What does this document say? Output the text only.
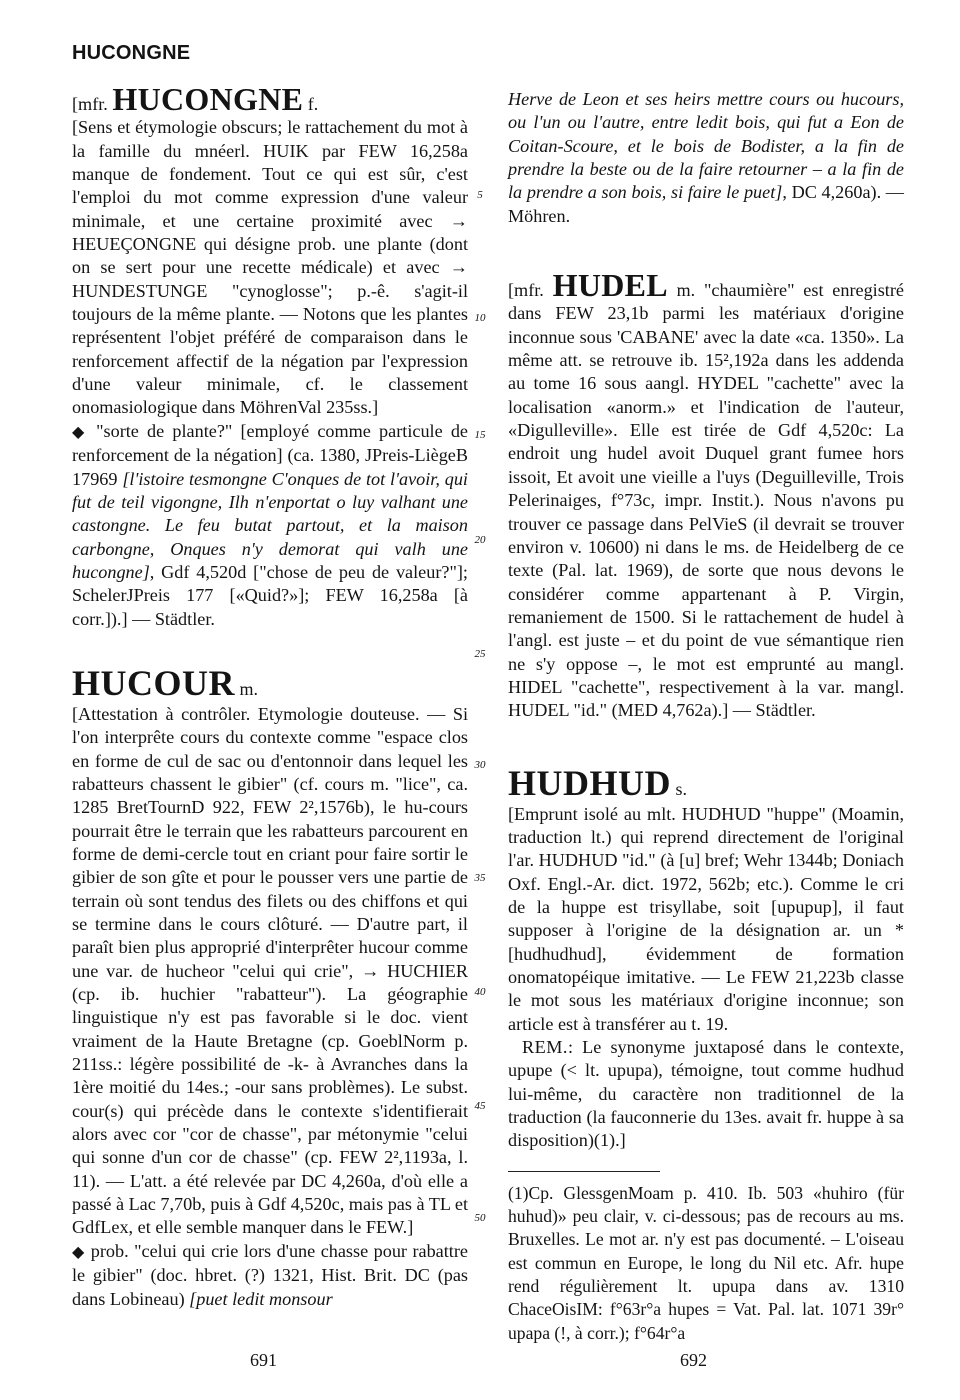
HUCONGNE

[mfr. HUCONGNE f.

[Sens et étymologie obscurs; le rattachement du mot à la famille du mnéerl. HUIK par FEW 16,258a manque de fondement. Tout ce qui est sûr, c'est l'emploi du mot comme expression d'une valeur minimale, et une certaine proximité avec → HEUEÇONGNE qui désigne prob. une plante (dont on se sert pour une recette médicale) et avec → HUNDESTUNGE "cynoglosse"; p.-ê. s'agit-il toujours de la même plante. — Notons que les plantes représentent l'objet préféré de comparaison dans le renforcement affectif de la négation par l'expression d'une valeur minimale, cf. le classement onomasiologique dans MöhrenVal 235ss.]

◆ "sorte de plante?" [employé comme particule de renforcement de la négation] (ca. 1380, JPreis-LiègeB 17969 [l'istoire tesmongne C'onques de tot l'avoir, qui fut de teil vigongne, Ilh n'enportat o luy valhant une castongne. Le feu butat partout, et la maison carbongne, Onques n'y demorat qui valh une hucongne], Gdf 4,520d ["chose de peu de valeur?"]; SchelerJPreis 177 [«Quid?»]; FEW 16,258a [à corr.]).] — Städtler.

HUCOUR m.

[Attestation à contrôler. Etymologie douteuse. — Si l'on interprête cours du contexte comme "espace clos en forme de cul de sac ou d'entonnoir dans lequel les rabatteurs chassent le gibier" (cf. cours m. "lice", ca. 1285 BretTournD 922, FEW 2²,1576b), le hu-cours pourrait être le terrain que les rabatteurs parcourent en forme de demi-cercle tout en criant pour faire sortir le gibier de son gîte et pour le pousser vers une partie de terrain où sont tendus des filets ou des chiffons et qui se termine dans le cours clôturé. — D'autre part, il paraît bien plus approprié d'interprêter hucour comme une var. de hucheor "celui qui crie", → HUCHIER (cp. ib. huchier "rabatteur"). La géographie linguistique n'y est pas favorable si le doc. vient vraiment de la Haute Bretagne (cp. GoeblNorm p. 211ss.: légère possibilité de -k- à Avranches dans la 1ère moitié du 14es.; -our sans problèmes). Le subst. cour(s) qui précède dans le contexte s'identifierait alors avec cor "cor de chasse", par métonymie "celui qui sonne d'un cor de chasse" (cp. FEW 2²,1193a, l. 11). — L'att. a été relevée par DC 4,260a, d'où elle a passé à Lac 7,70b, puis à Gdf 4,520c, mais pas à TL et GdfLex, et elle semble manquer dans le FEW.]

◆ prob. "celui qui crie lors d'une chasse pour rabattre le gibier" (doc. hbret. (?) 1321, Hist. Brit. DC (pas dans Lobineau) [puet ledit monsour

5
10
15
20
25
30
35
40
45
50

Herve de Leon et ses heirs mettre cours ou hucours, ou l'un ou l'autre, entre ledit bois, qui fut a Eon de Coitan-Scoure, et le bois de Bodister, a la fin de prendre la beste ou de la faire retourner – a la fin de la prendre a son bois, si faire le puet], DC 4,260a). — Möhren.

[mfr. HUDEL m. "chaumière" est enregistré dans FEW 23,1b parmi les matériaux d'origine inconnue sous 'CABANE' avec la date «ca. 1350». La même att. se retrouve ib. 15²,192a dans les addenda au tome 16 sous aangl. HYDEL "cachette" avec la localisation «anorm.» et l'indication de l'auteur, «Digulleville». Elle est tirée de Gdf 4,520c: La endroit ung hudel avoit Duquel grant fumee hors issoit, Et avoit une vieille a l'uys (Deguilleville, Trois Pelerinaiges, f°73c, impr. Instit.). Nous n'avons pu trouver ce passage dans PelVieS (il devrait se trouver environ v. 10600) ni dans le ms. de Heidelberg de ce texte (Pal. lat. 1969), de sorte que nous devons le considérer comme appartenant à P. Virgin, remaniement de 1500. Si le rattachement de hudel à l'angl. est juste – et du point de vue sémantique rien ne s'y oppose –, le mot est emprunté au mangl. HIDEL "cachette", respectivement à la var. mangl. HUDEL "id." (MED 4,762a).] — Städtler.

HUDHUD s.

[Emprunt isolé au mlt. HUDHUD "huppe" (Moamin, traduction lt.) qui reprend directement de l'original l'ar. HUDHUD "id." (à [u] bref; Wehr 1344b; Doniach Oxf. Engl.-Ar. dict. 1972, 562b; etc.). Comme le cri de la huppe est trisyllabe, soit [upupup], il faut supposer à l'origine de la désignation ar. un *[hudhudhud], évidemment de formation onomatopéique imitative. — Le FEW 21,223b classe le mot sous les matériaux d'origine inconnue; son article est à transférer au t. 19.

REM.: Le synonyme juxtaposé dans le contexte, upupe (< lt. upupa), témoigne, tout comme hudhud lui-même, du caractère non traditionnel de la traduction (la fauconnerie du 13es. avait fr. huppe à sa disposition)(1).]

(1)Cp. GlessgenMoam p. 410. Ib. 503 «huhiro (für huhud)» peu clair, v. ci-dessous; pas de recours au ms. Bruxelles. Le mot ar. n'y est pas documenté. – L'oiseau est commun en Europe, le long du Nil etc. Afr. hupe rend régulièrement lt. upupa dans av. 1310 ChaceOisIM: f°63r°a hupes = Vat. Pal. lat. 1071 39r° upapa (!, à corr.); f°64r°a

691	692
